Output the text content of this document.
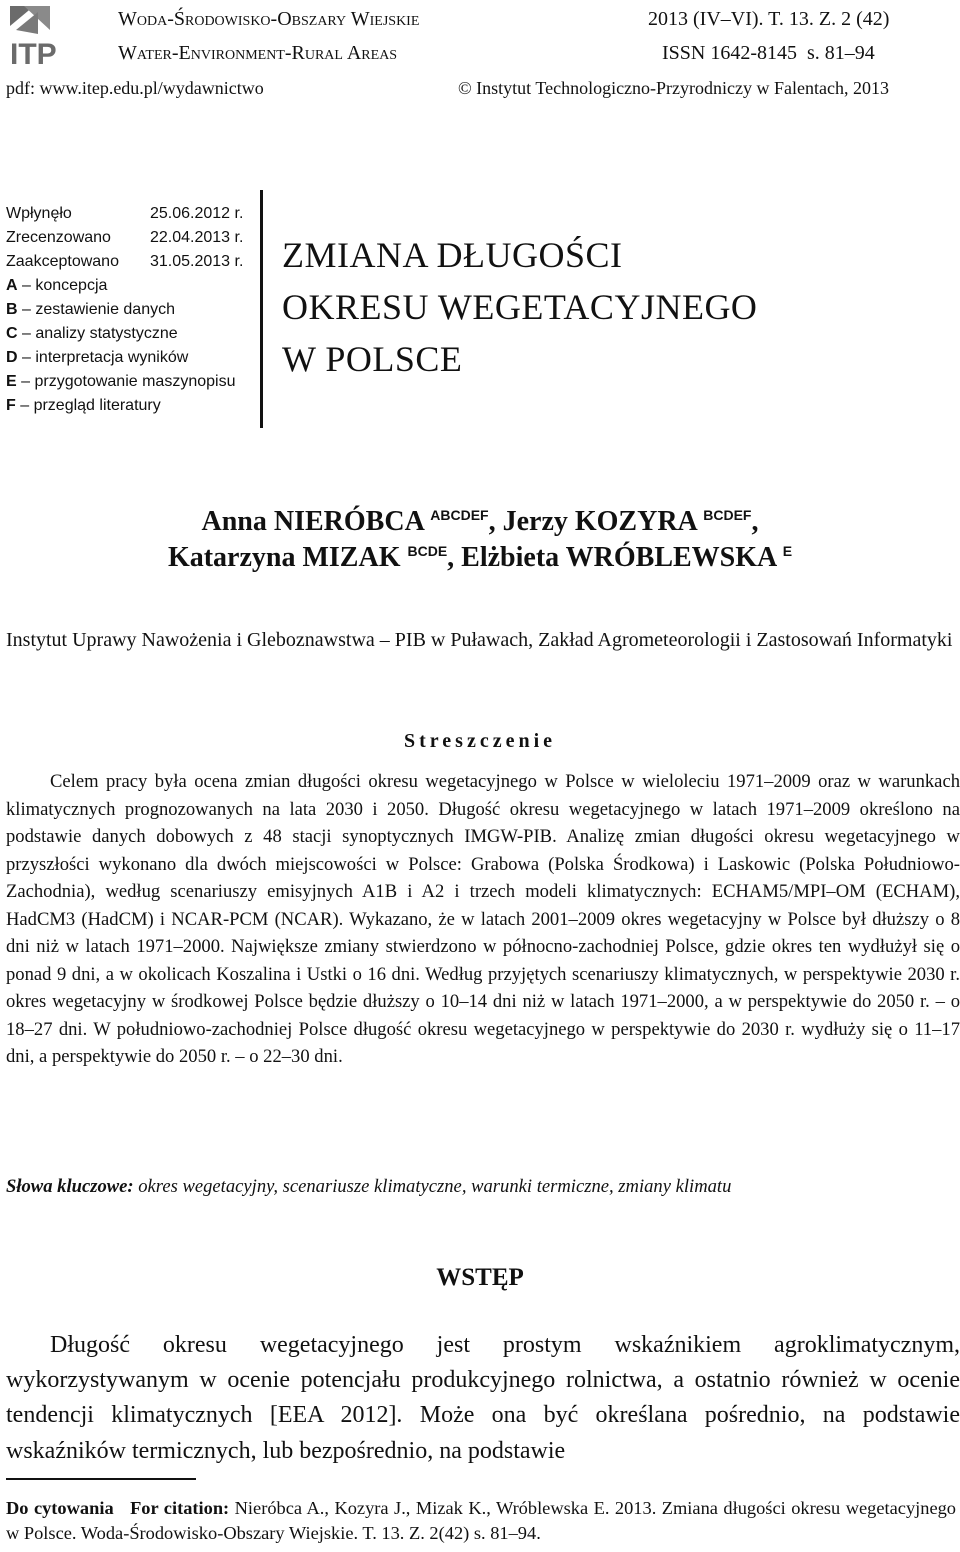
ITP
Woda-Środowisko-Obszary Wiejskie
Water-Environment-Rural Areas
2013 (IV–VI). T. 13. Z. 2 (42)
ISSN 1642-8145  s. 81–94
pdf: www.itep.edu.pl/wydawnictwo	© Instytut Technologiczno-Przyrodniczy w Falentach, 2013
Wpłynęło	25.06.2012 r.
Zrecenzowano 22.04.2013 r.
Zaakceptowano 31.05.2013 r.
A – koncepcja
B – zestawienie danych
C – analizy statystyczne
D – interpretacja wyników
E – przygotowanie maszynopisu
F – przegląd literatury
ZMIANA DŁUGOŚCI
OKRESU WEGETACYJNEGO
W POLSCE
Anna NIERÓBCA $^{ABCDEF}$, Jerzy KOZYRA $^{BCDEF}$,
Katarzyna MIZAK $^{BCDE}$, Elżbieta WRÓBLEWSKA $^E$
Instytut Uprawy Nawożenia i Gleboznawstwa – PIB w Puławach, Zakład Agrometeorologii i Zastosowań Informatyki
Streszczenie
Celem pracy była ocena zmian długości okresu wegetacyjnego w Polsce w wieloleciu 1971–2009 oraz w warunkach klimatycznych prognozowanych na lata 2030 i 2050. Długość okresu wegetacyjnego w latach 1971–2009 określono na podstawie danych dobowych z 48 stacji synoptycznych IMGW-PIB. Analizę zmian długości okresu wegetacyjnego w przyszłości wykonano dla dwóch miejscowości w Polsce: Grabowa (Polska Środkowa) i Laskowic (Polska Południowo-Zachodnia), według scenariuszy emisyjnych A1B i A2 i trzech modeli klimatycznych: ECHAM5/MPI–OM (ECHAM), HadCM3 (HadCM) i NCAR-PCM (NCAR). Wykazano, że w latach 2001–2009 okres wegetacyjny w Polsce był dłuższy o 8 dni niż w latach 1971–2000. Największe zmiany stwierdzono w północno-zachodniej Polsce, gdzie okres ten wydłużył się o ponad 9 dni, a w okolicach Koszalina i Ustki o 16 dni. Według przyjętych scenariuszy klimatycznych, w perspektywie 2030 r. okres wegetacyjny w środkowej Polsce będzie dłuższy o 10–14 dni niż w latach 1971–2000, a w perspektywie do 2050 r. – o 18–27 dni. W południowo-zachodniej Polsce długość okresu wegetacyjnego w perspektywie do 2030 r. wydłuży się o 11–17 dni, a perspektywie do 2050 r. – o 22–30 dni.
Słowa kluczowe: okres wegetacyjny, scenariusze klimatyczne, warunki termiczne, zmiany klimatu
WSTĘP
Długość okresu wegetacyjnego jest prostym wskaźnikiem agroklimatycznym, wykorzystywanym w ocenie potencjału produkcyjnego rolnictwa, a ostatnio również w ocenie tendencji klimatycznych [EEA 2012]. Może ona być określana pośrednio, na podstawie wskaźników termicznych, lub bezpośrednio, na podstawie
Do cytowania For citation: Nieróbca A., Kozyra J., Mizak K., Wróblewska E. 2013. Zmiana długości okresu wegetacyjnego w Polsce. Woda-Środowisko-Obszary Wiejskie. T. 13. Z. 2(42) s. 81–94.
